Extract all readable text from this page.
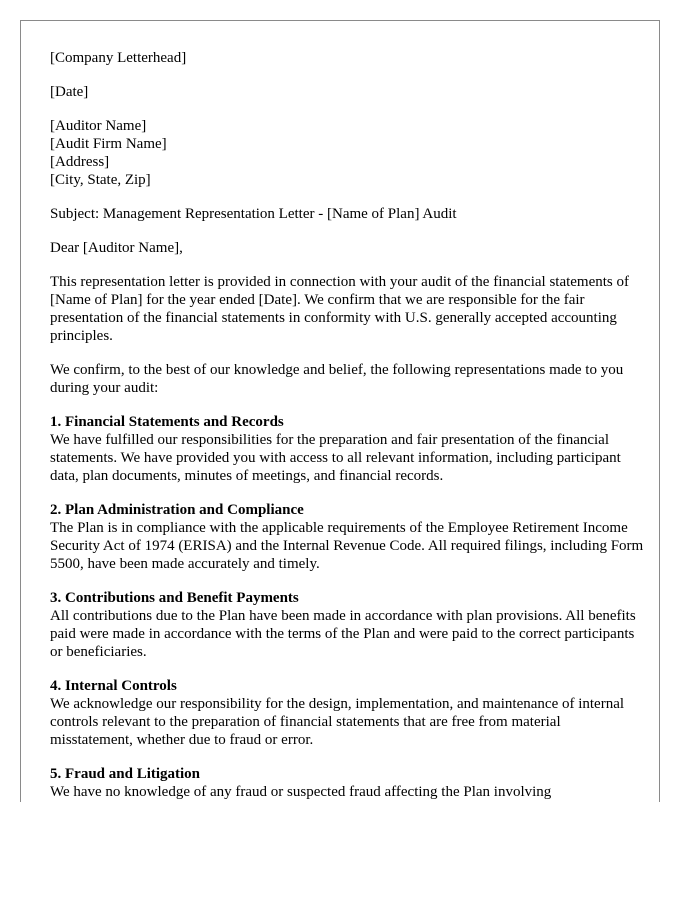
[Company Letterhead]

[Date]

[Auditor Name]
[Audit Firm Name]
[Address]
[City, State, Zip]

Subject: Management Representation Letter - [Name of Plan] Audit

Dear [Auditor Name],

This representation letter is provided in connection with your audit of the financial statements of [Name of Plan] for the year ended [Date]. We confirm that we are responsible for the fair presentation of the financial statements in conformity with U.S. generally accepted accounting principles.

We confirm, to the best of our knowledge and belief, the following representations made to you during your audit:

1. Financial Statements and Records
We have fulfilled our responsibilities for the preparation and fair presentation of the financial statements. We have provided you with access to all relevant information, including participant data, plan documents, minutes of meetings, and financial records.
2. Plan Administration and Compliance
The Plan is in compliance with the applicable requirements of the Employee Retirement Income Security Act of 1974 (ERISA) and the Internal Revenue Code. All required filings, including Form 5500, have been made accurately and timely.
3. Contributions and Benefit Payments
All contributions due to the Plan have been made in accordance with plan provisions. All benefits paid were made in accordance with the terms of the Plan and were paid to the correct participants or beneficiaries.
4. Internal Controls
We acknowledge our responsibility for the design, implementation, and maintenance of internal controls relevant to the preparation of financial statements that are free from material misstatement, whether due to fraud or error.
5. Fraud and Litigation
We have no knowledge of any fraud or suspected fraud affecting the Plan involving
